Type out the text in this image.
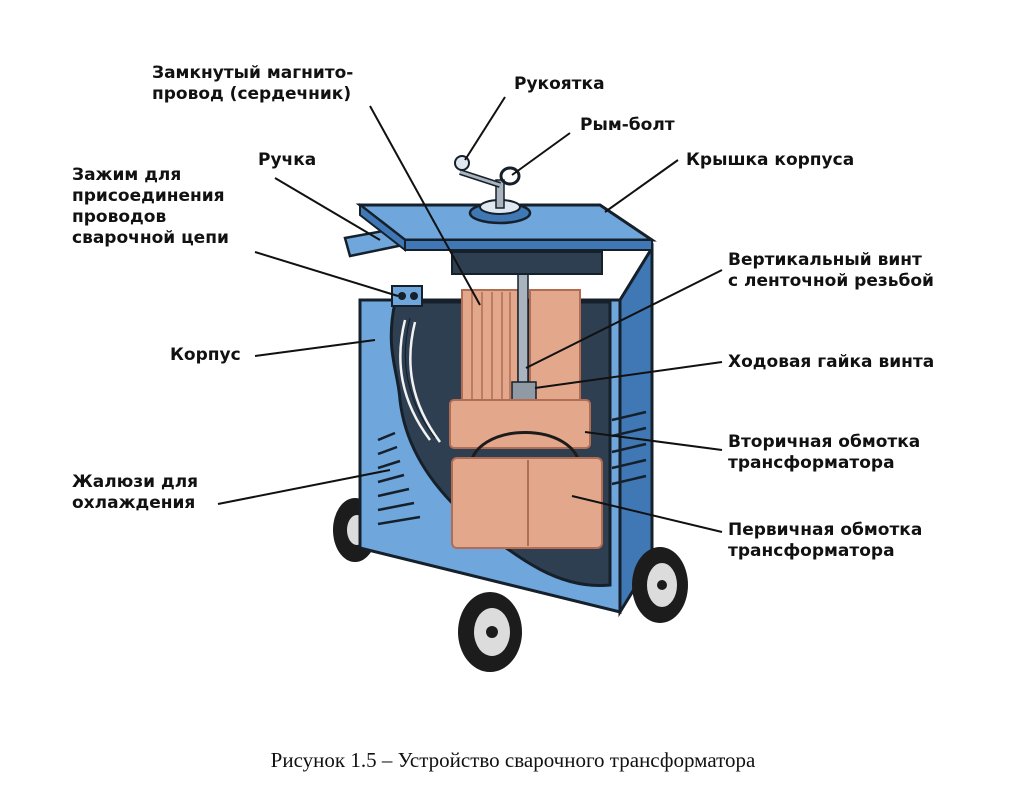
Замкнутый магнито-
провод (сердечник)	Рукоятка
Рым-болт
Ручка	Крышка корпуса
Зажим для
присоединения
проводов
сварочной цепи
Вертикальный винт
с ленточной резьбой
Корпус	Ходовая гайка винта
Вторичная обмотка
трансформатора
Жалюзи для
охлаждения
Первичная обмотка
трансформатора
Рисунок 1.5 – Устройство сварочного трансформатора
